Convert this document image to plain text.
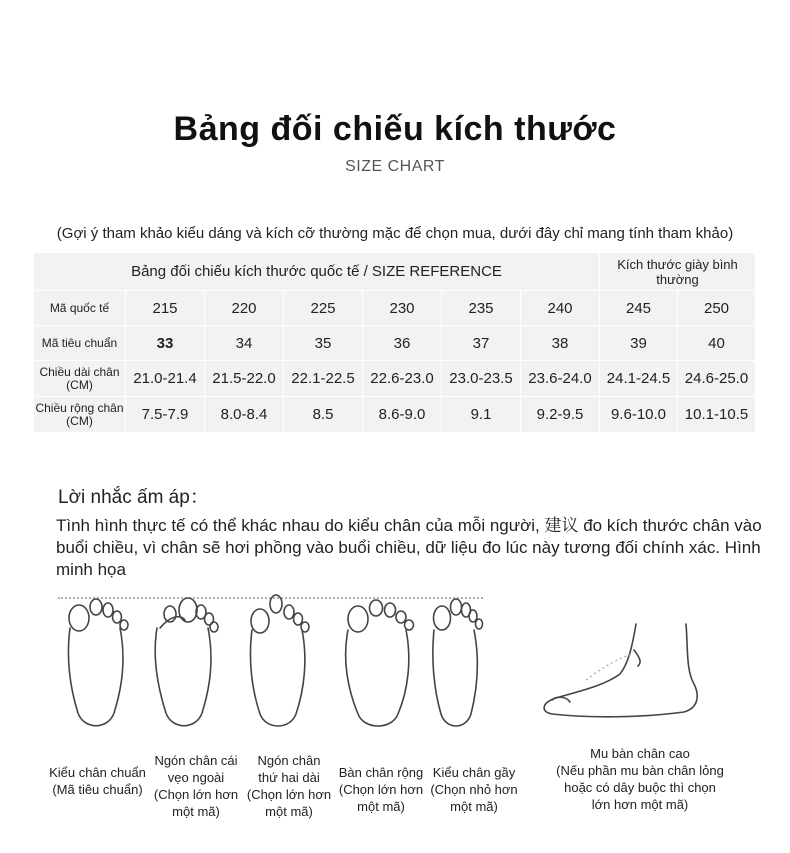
Bảng đối chiếu kích thước
SIZE CHART
(Gợi ý tham khảo kiểu dáng và kích cỡ thường mặc để chọn mua, dưới đây chỉ mang tính tham khảo)
Bảng đối chiếu kích thước quốc tế / SIZE REFERENCE							Kích thước giày bình thường	
Mã quốc tế	215	220	225	230	235	240	245	250
Mã tiêu chuẩn	33	34	35	36	37	38	39	40
Chiều dài chân (CM)	21.0-21.4	21.5-22.0	22.1-22.5	22.6-23.0	23.0-23.5	23.6-24.0	24.1-24.5	24.6-25.0
Chiều rộng chân (CM)	7.5-7.9	8.0-8.4	8.5	8.6-9.0	9.1	9.2-9.5	9.6-10.0	10.1-10.5
Lời nhắc ấm áp：
Tình hình thực tế có thể khác nhau do kiểu chân của mỗi người, 建议 đo kích thước chân vào buổi chiều, vì chân sẽ hơi phồng vào buổi chiều, dữ liệu đo lúc này tương đối chính xác. Hình minh họa
Kiểu chân chuẩn
(Mã tiêu chuẩn)
Ngón chân cái
vẹo ngoài
(Chọn lớn hơn
một mã)
Ngón chân
thứ hai dài
(Chọn lớn hơn
một mã)
Bàn chân rộng
(Chọn lớn hơn
một mã)
Kiểu chân gầy
(Chọn nhỏ hơn
một mã)
Mu bàn chân cao
(Nếu phần mu bàn chân lỏng
hoặc có dây buộc thì chọn
lớn hơn một mã)
